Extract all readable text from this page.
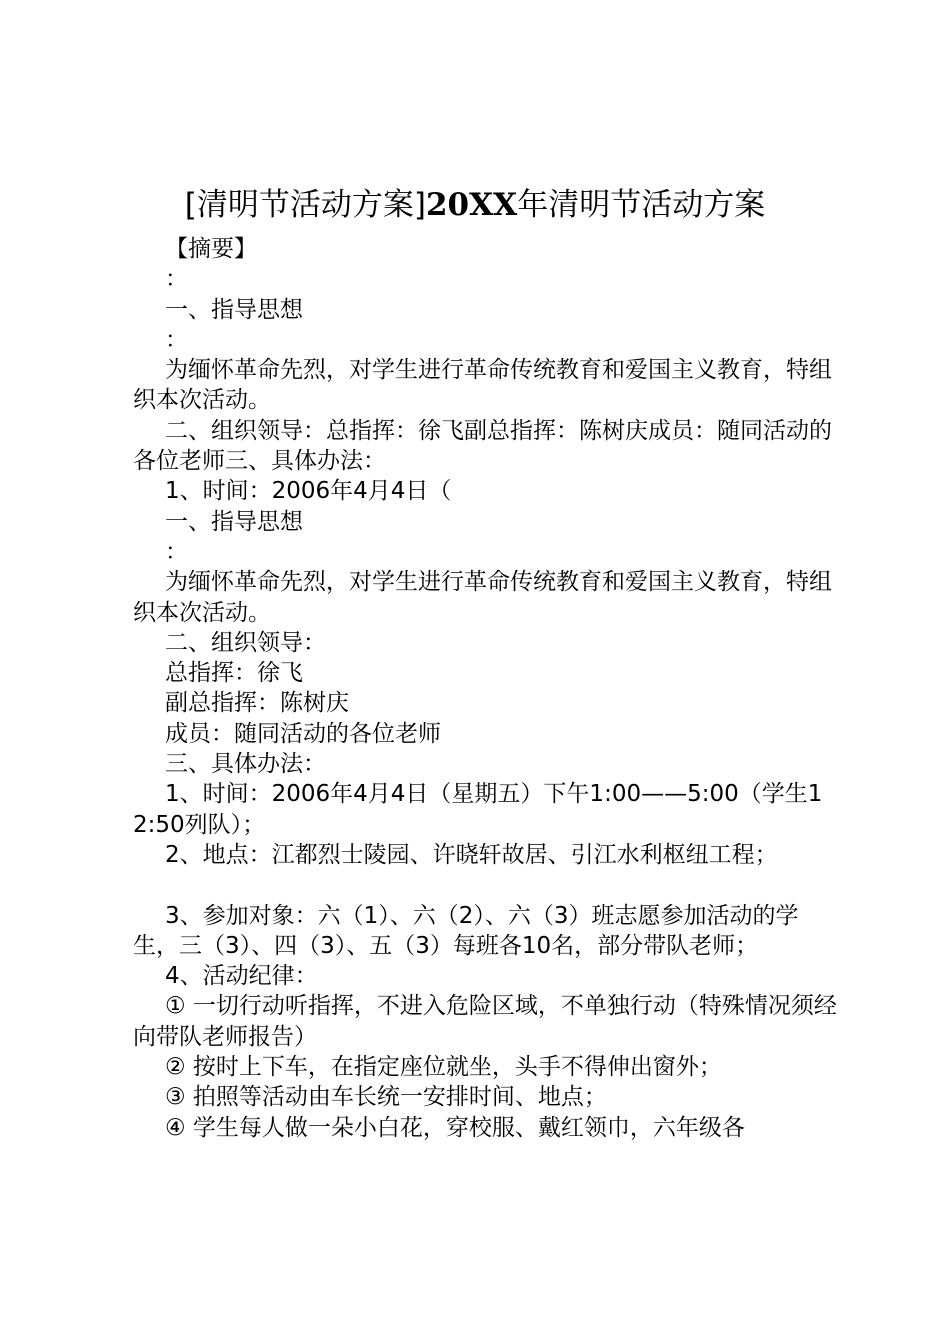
[清明节活动方案]20XX年清明节活动方案

【摘要】

：

一、指导思想

：

为缅怀革命先烈，对学生进行革命传统教育和爱国主义教育，特组织本次活动。

二、组织领导：总指挥：徐飞副总指挥：陈树庆成员：随同活动的各位老师三、具体办法：

1、时间：2006年4月4日（

一、指导思想

：

为缅怀革命先烈，对学生进行革命传统教育和爱国主义教育，特组织本次活动。

二、组织领导：

总指挥：徐飞

副总指挥：陈树庆

成员：随同活动的各位老师

三、具体办法：

1、时间：2006年4月4日（星期五）下午1:00——5:00（学生12:50列队）；

2、地点：江都烈士陵园、许晓轩故居、引江水利枢纽工程；

3、参加对象：六（1）、六（2）、六（3）班志愿参加活动的学生，三（3）、四（3）、五（3）每班各10名，部分带队老师；

4、活动纪律：

① 一切行动听指挥，不进入危险区域，不单独行动（特殊情况须经向带队老师报告）

② 按时上下车，在指定座位就坐，头手不得伸出窗外；

③ 拍照等活动由车长统一安排时间、地点；

④ 学生每人做一朵小白花，穿校服、戴红领巾，六年级各
